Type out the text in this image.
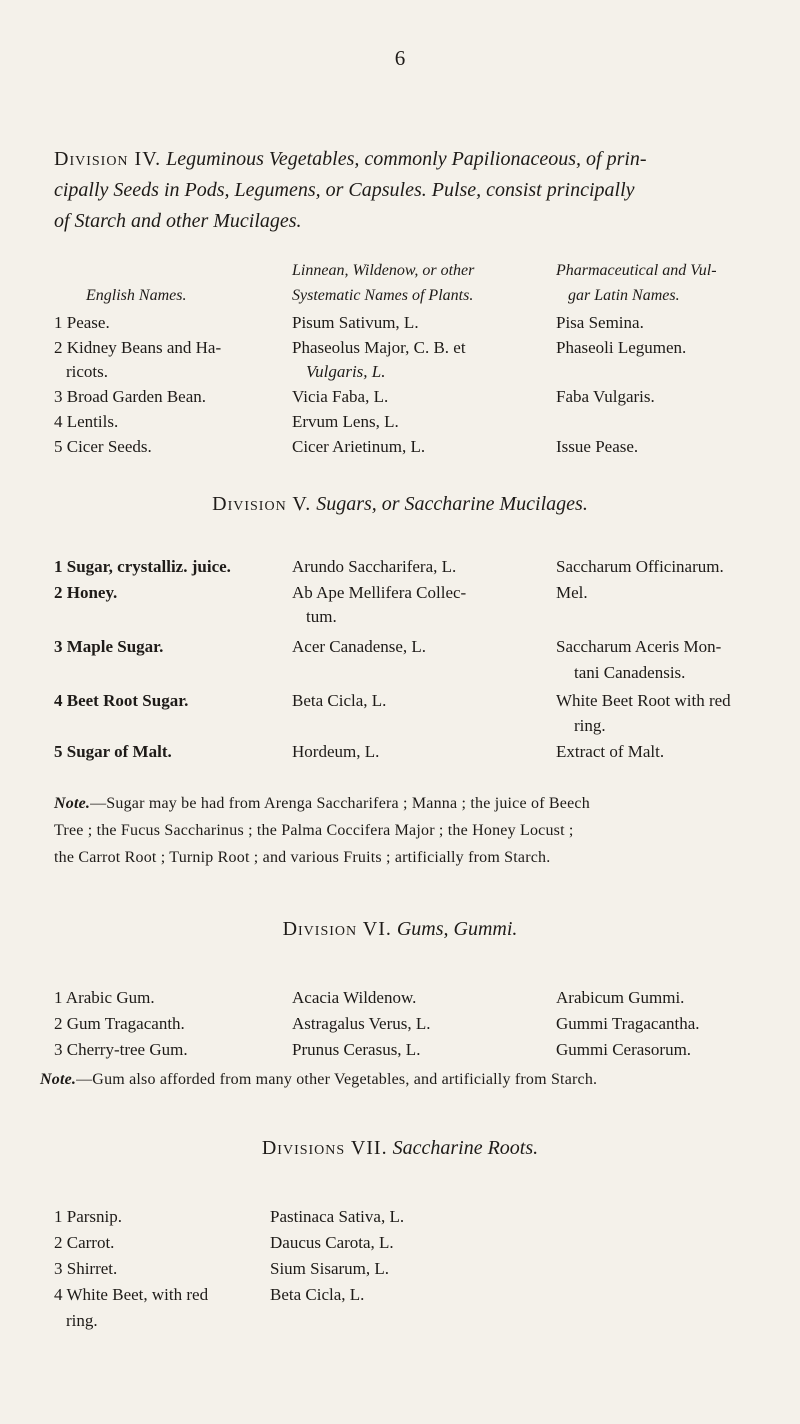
6
Division IV. Leguminous Vegetables, commonly Papilionaceous, of prin-
cipally Seeds in Pods, Legumens, or Capsules. Pulse, consist principally
of Starch and other Mucilages.
Linnean, Wildenow, or other	Pharmaceutical and Vul-
English Names.	Systematic Names of Plants.	gar Latin Names.
1 Pease.	Pisum Sativum, L.	Pisa Semina.
2 Kidney Beans and Ha-	Phaseolus Major, C. B. et	Phaseoli Legumen.
ricots.	Vulgaris, L.
3 Broad Garden Bean.	Vicia Faba, L.	Faba Vulgaris.
4 Lentils.	Ervum Lens, L.
5 Cicer Seeds.	Cicer Arietinum, L.	Issue Pease.
Division V. Sugars, or Saccharine Mucilages.
1 Sugar, crystalliz. juice.	Arundo Saccharifera, L.	Saccharum Officinarum.
2 Honey.	Ab Ape Mellifera Collec-	Mel.
tum.
3 Maple Sugar.	Acer Canadense, L.	Saccharum Aceris Mon-
tani Canadensis.
4 Beet Root Sugar.	Beta Cicla, L.	White Beet Root with red
ring.
5 Sugar of Malt.	Hordeum, L.	Extract of Malt.
Note.—Sugar may be had from Arenga Saccharifera ; Manna ; the juice of Beech
Tree ; the Fucus Saccharinus ; the Palma Coccifera Major ; the Honey Locust ;
the Carrot Root ; Turnip Root ; and various Fruits ; artificially from Starch.
Division VI. Gums, Gummi.
1 Arabic Gum.	Acacia Wildenow.	Arabicum Gummi.
2 Gum Tragacanth.	Astragalus Verus, L.	Gummi Tragacantha.
3 Cherry-tree Gum.	Prunus Cerasus, L.	Gummi Cerasorum.
Note.—Gum also afforded from many other Vegetables, and artificially from Starch.
Divisions VII. Saccharine Roots.
1 Parsnip.	Pastinaca Sativa, L.
2 Carrot.	Daucus Carota, L.
3 Shirret.	Sium Sisarum, L.
4 White Beet, with red	Beta Cicla, L.
ring.
